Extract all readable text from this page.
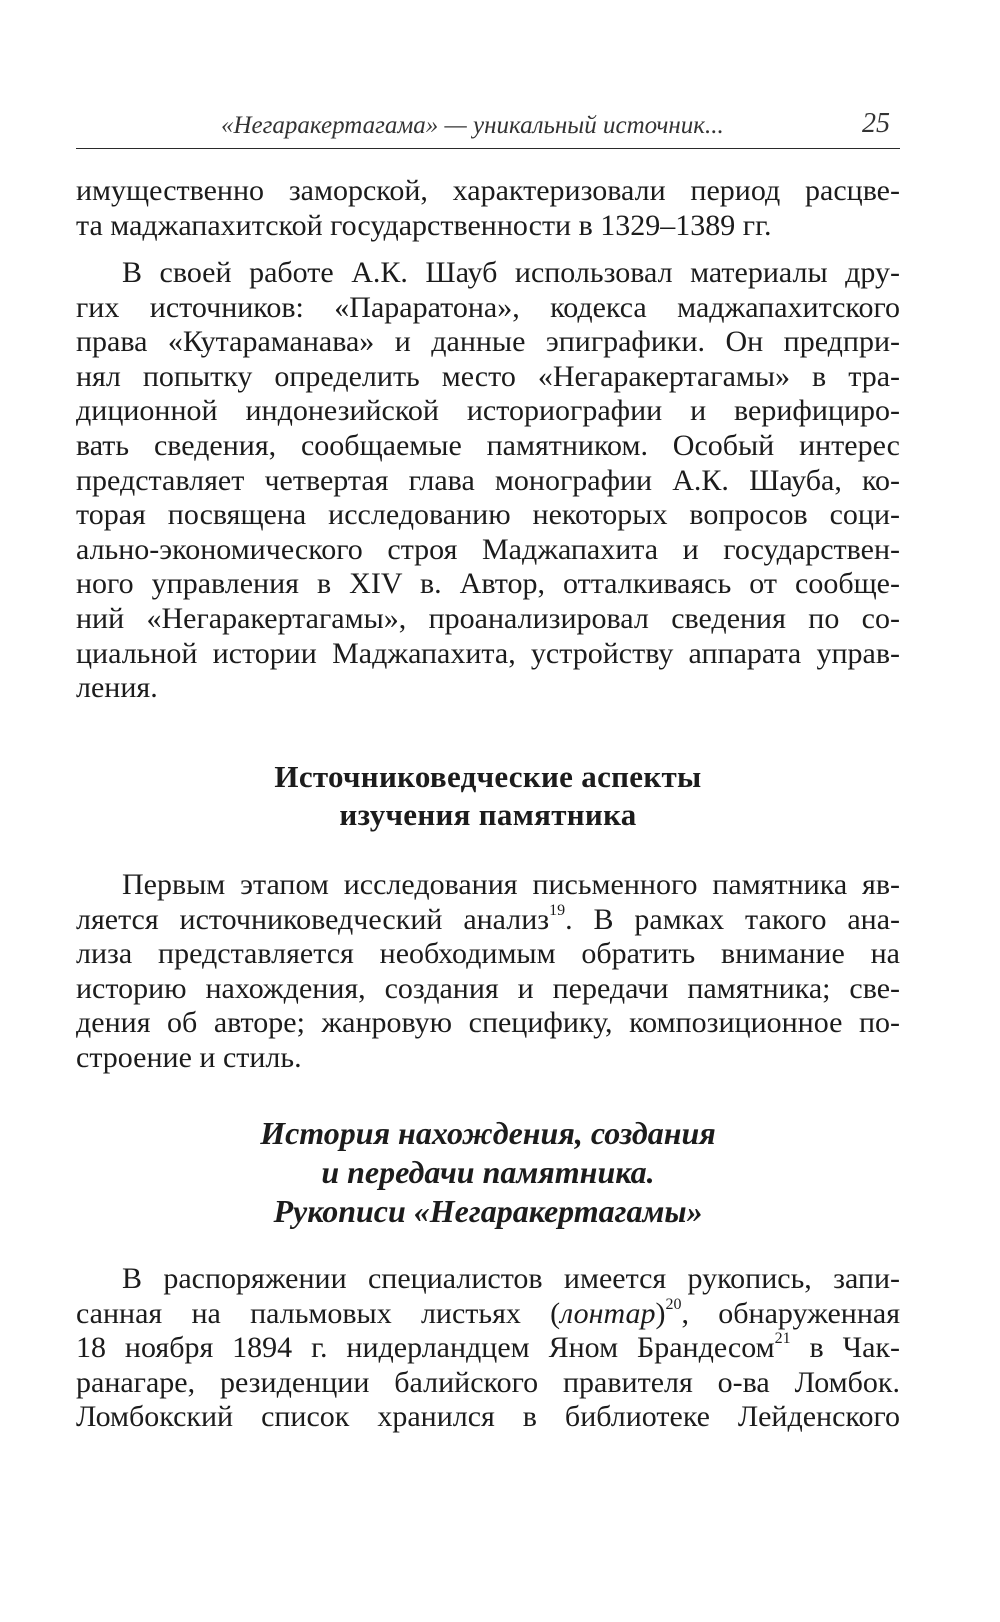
«Негаракертагама» — уникальный источник...	25
имущественно заморской, характеризовали период расцве-
та маджапахитской государственности в 1329–1389 гг.
В своей работе А.К. Шауб использовал материалы дру-
гих источников: «Параратона», кодекса маджапахитского
права «Кутараманава» и данные эпиграфики. Он предпри-
нял попытку определить место «Негаракертагамы» в тра-
диционной индонезийской историографии и верифициро-
вать сведения, сообщаемые памятником. Особый интерес
представляет четвертая глава монографии А.К. Шауба, ко-
торая посвящена исследованию некоторых вопросов соци-
ально-экономического строя Маджапахита и государствен-
ного управления в XIV в. Автор, отталкиваясь от сообще-
ний «Негаракертагамы», проанализировал сведения по со-
циальной истории Маджапахита, устройству аппарата управ-
ления.
Источниковедческие аспекты
изучения памятника
Первым этапом исследования письменного памятника яв-
ляется источниковедческий анализ$^{19}$. В рамках такого ана-
лиза представляется необходимым обратить внимание на
историю нахождения, создания и передачи памятника; све-
дения об авторе; жанровую специфику, композиционное по-
строение и стиль.
История нахождения, создания
и передачи памятника.
Рукописи «Негаракертагамы»
В распоряжении специалистов имеется рукопись, запи-
санная на пальмовых листьях (лонтар)$^{20}$, обнаруженная
18 ноября 1894 г. нидерландцем Яном Брандесом$^{21}$ в Чак-
ранагаре, резиденции балийского правителя о-ва Ломбок.
Ломбокский список хранился в библиотеке Лейденского
